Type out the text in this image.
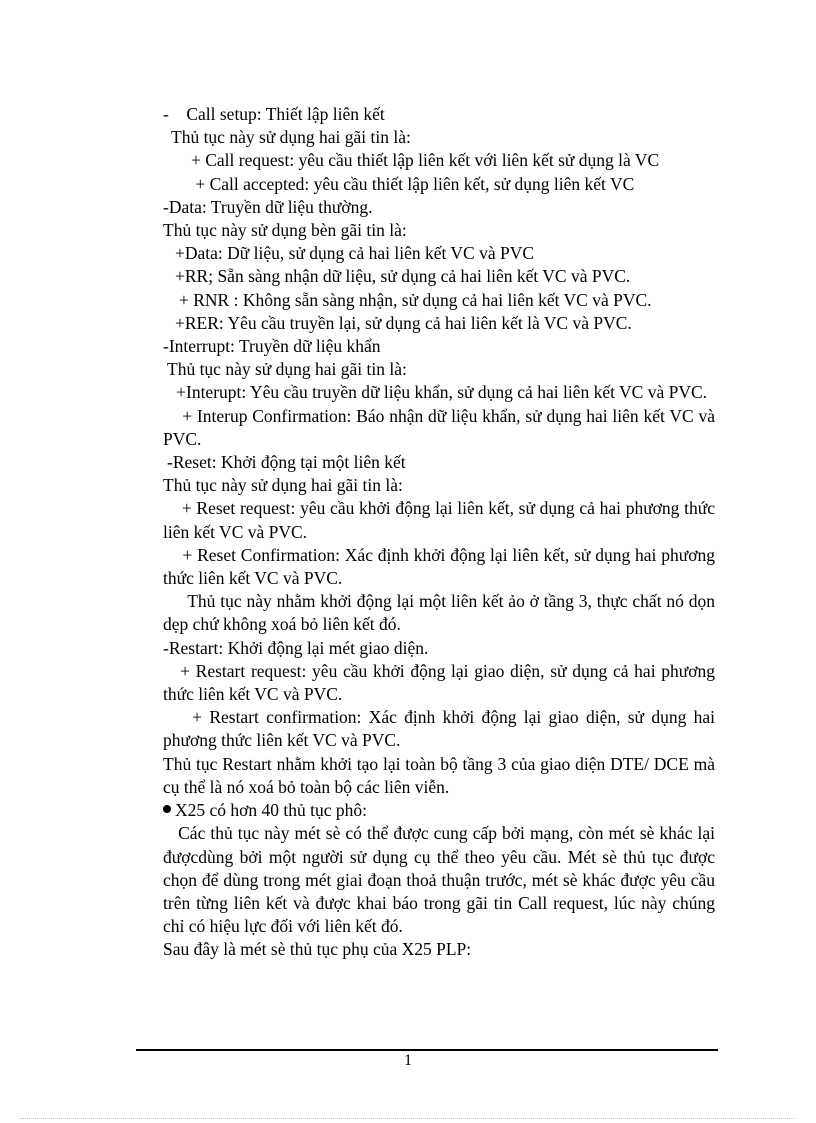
-    Call setup: Thiết lập liên kết

Thủ tục này sử dụng hai gãi tin là:

+ Call request: yêu cầu thiết lập liên kết với liên kết sử dụng là VC

+ Call accepted: yêu cầu thiết lập liên kết, sử dụng liên kết VC

-Data: Truyền dữ liệu thường.

Thủ tục này sử dụng bèn gãi tin là:

+Data: Dữ liệu, sử dụng cả hai liên kết VC và PVC

+RR; Sẵn sàng nhận dữ liệu, sử dụng cả hai liên kết VC và PVC.

+ RNR : Không sẵn sàng nhận, sử dụng cả hai liên kết VC và PVC.

+RER: Yêu cầu truyền lại, sử dụng cả hai liên kết là VC và PVC.

-Interrupt: Truyền dữ liệu khẩn

Thủ tục này sử dụng hai gãi tin là:

+Interupt: Yêu cầu truyền dữ liệu khẩn, sử dụng cả hai liên kết VC và PVC.

+ Interup Confirmation: Báo nhận dữ liệu khẩn, sử dụng hai liên kết VC và PVC.

-Reset: Khởi động tại một liên kết

Thủ tục này sử dụng hai gãi tin là:

+ Reset request: yêu cầu khởi động lại liên kết, sử dụng cả hai phương thức liên kết VC và PVC.

+ Reset Confirmation: Xác định khởi động lại liên kết, sử dụng hai phương thức liên kết VC và PVC.

Thủ tục này nhằm khởi động lại một liên kết ảo ở tầng 3, thực chất nó dọn dẹp chứ không xoá bỏ liên kết đó.

-Restart: Khởi động lại mét giao diện.

+ Restart request: yêu cầu khởi động lại giao diện, sử dụng cả hai phương thức liên kết VC và PVC.

+ Restart confirmation: Xác định khởi động lại giao diện, sử dụng hai phương thức liên kết VC và PVC.

Thủ tục Restart nhằm khởi tạo lại toàn bộ tầng 3 của giao diện DTE/ DCE mà cụ thể là nó xoá bỏ toàn bộ các liên viễn.

X25 có hơn 40 thủ tục phô:

Các thủ tục này mét sè có thể được cung cấp bởi mạng, còn mét sè khác lại đượcdùng bởi một người sử dụng cụ thể theo yêu cầu. Mét sè thủ tục được chọn để dùng trong mét giai đoạn thoả thuận trước, mét sè khác được yêu cầu trên từng liên kết và được khai báo trong gãi tin Call request, lúc này chúng chỉ có hiệu lực đối với liên kết đó.

Sau đây là mét sè thủ tục phụ của X25 PLP:

1
